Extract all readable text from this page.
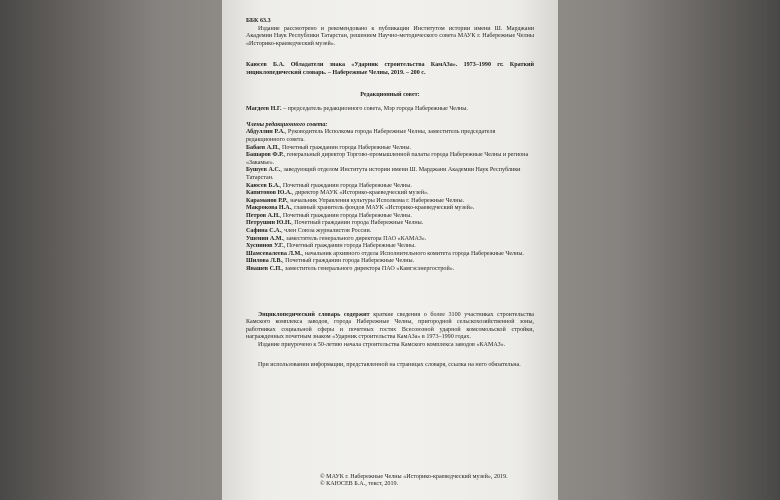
ББК 63.3

Издание рассмотрено и рекомендовано к публикации Институтом истории имени Ш. Марджани Академии Наук Республики Татарстан, решением Научно-методического совета МАУК г. Набережные Челны «Историко-краеведческий музей».

Каюсев Б.А. Обладатели знака «Ударник строительства КамАЗа». 1973–1990 гг. Краткий энциклопедический словарь. – Набережные Челны, 2019. – 200 с.

Редакционный совет:

Магдеев Н.Г. – председатель редакционного совета, Мэр города Набережные Челны.

Члены редакционного совета:

Абдуллин Р.А., Руководитель Исполкома города Набережные Челны, заместитель председателя редакционного совета.

Бабаев А.П., Почетный гражданин города Набережные Челны.

Башаров Ф.Р., генеральный директор Торгово-промышленной палаты города Набережные Челны и региона «Закамье».

Бушуев А.С., заведующий отделом Института истории имени Ш. Марджани Академии Наук Республики Татарстан.

Каюсев Б.А., Почетный гражданин города Набережные Челны.

Капитонов Ю.А., директор МАУК «Историко-краеведческий музей».

Караманов Р.Р., начальник Управления культуры Исполкома г. Набережные Челны.

Макрокова Н.А., главный хранитель фондов МАУК «Историко-краеведческий музей».

Петров А.Н., Почетный гражданин города Набережные Челны.

Петрушин Ю.Н., Почетный гражданин города Набережные Челны.

Сафина С.А., член Союза журналистов России.

Ушенин А.М., заместитель генерального директора ПАО «КАМАЗ».

Хуснинов У.Г., Почетный гражданин города Набережные Челны.

Шамсевалеева Л.М., начальник архивного отдела Исполнительного комитета города Набережные Челны.

Шилова Л.В., Почетный гражданин города Набережные Челны.

Янашев С.П., заместитель генерального директора ПАО «Камгэсэнергострой».

Энциклопедический словарь содержит краткие сведения о более 3100 участниках строительства Камского комплекса заводов, города Набережные Челны, пригородной сельскохозяйственной зоны, работниках социальной сферы и почетных гостях Всесоюзной ударной комсомольской стройки, награжденных почетным знаком «Ударник строительства КамАЗа» в 1973–1990 годах.

Издание приурочено к 50-летию начала строительства Камского комплекса заводов «КАМАЗ».

При использовании информации, представленной на страницах словаря, ссылка на него обязательна.

© МАУК г. Набережные Челны «Историко-краеведческий музей», 2019.
© КАЮСЕВ Б.А., текст, 2019.
